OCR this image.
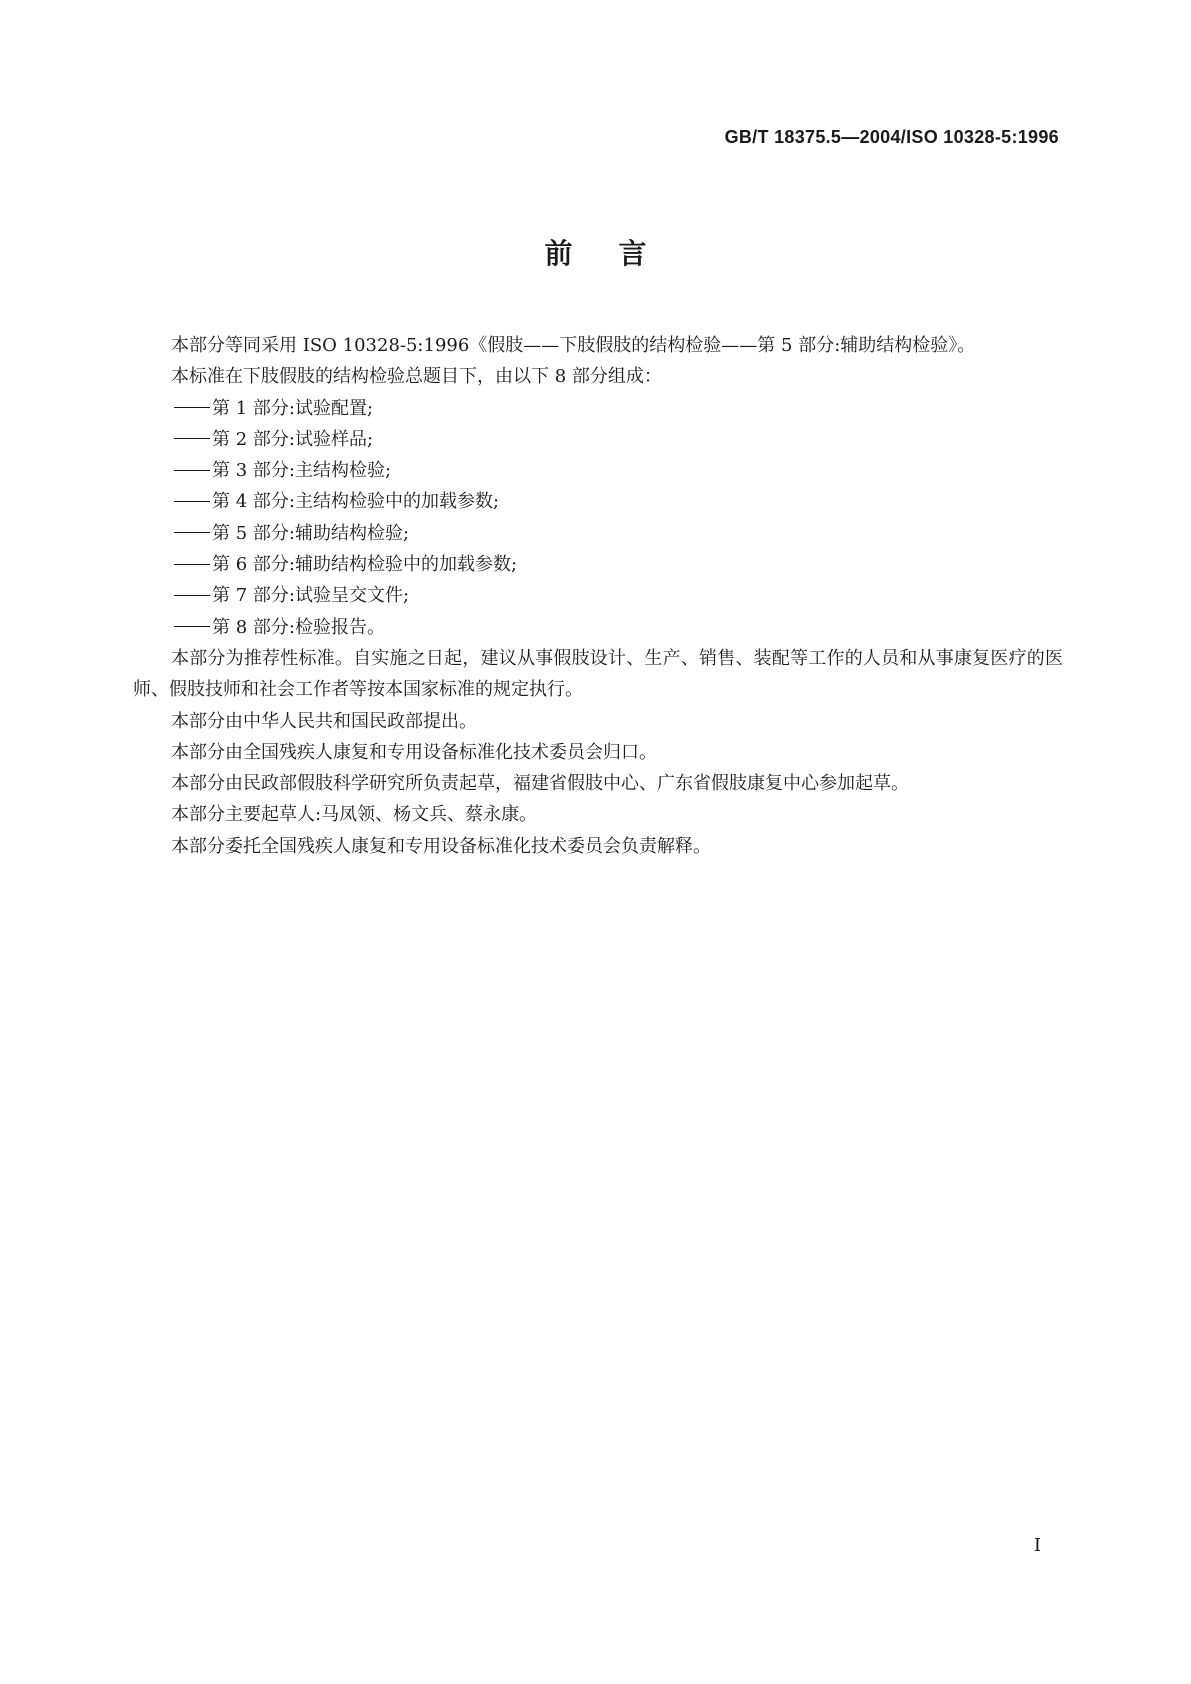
GB/T 18375.5—2004/ISO 10328-5:1996
前言

本部分等同采用 ISO 10328-5:1996《假肢——下肢假肢的结构检验——第 5 部分:辅助结构检验》。

本标准在下肢假肢的结构检验总题目下，由以下 8 部分组成：

第 1 部分:试验配置;
第 2 部分:试验样品;
第 3 部分:主结构检验;
第 4 部分:主结构检验中的加载参数;
第 5 部分:辅助结构检验;
第 6 部分:辅助结构检验中的加载参数;
第 7 部分:试验呈交文件;
第 8 部分:检验报告。

本部分为推荐性标准。自实施之日起，建议从事假肢设计、生产、销售、装配等工作的人员和从事康复医疗的医师、假肢技师和社会工作者等按本国家标准的规定执行。

本部分由中华人民共和国民政部提出。

本部分由全国残疾人康复和专用设备标准化技术委员会归口。

本部分由民政部假肢科学研究所负责起草，福建省假肢中心、广东省假肢康复中心参加起草。

本部分主要起草人:马凤领、杨文兵、蔡永康。

本部分委托全国残疾人康复和专用设备标准化技术委员会负责解释。

I
